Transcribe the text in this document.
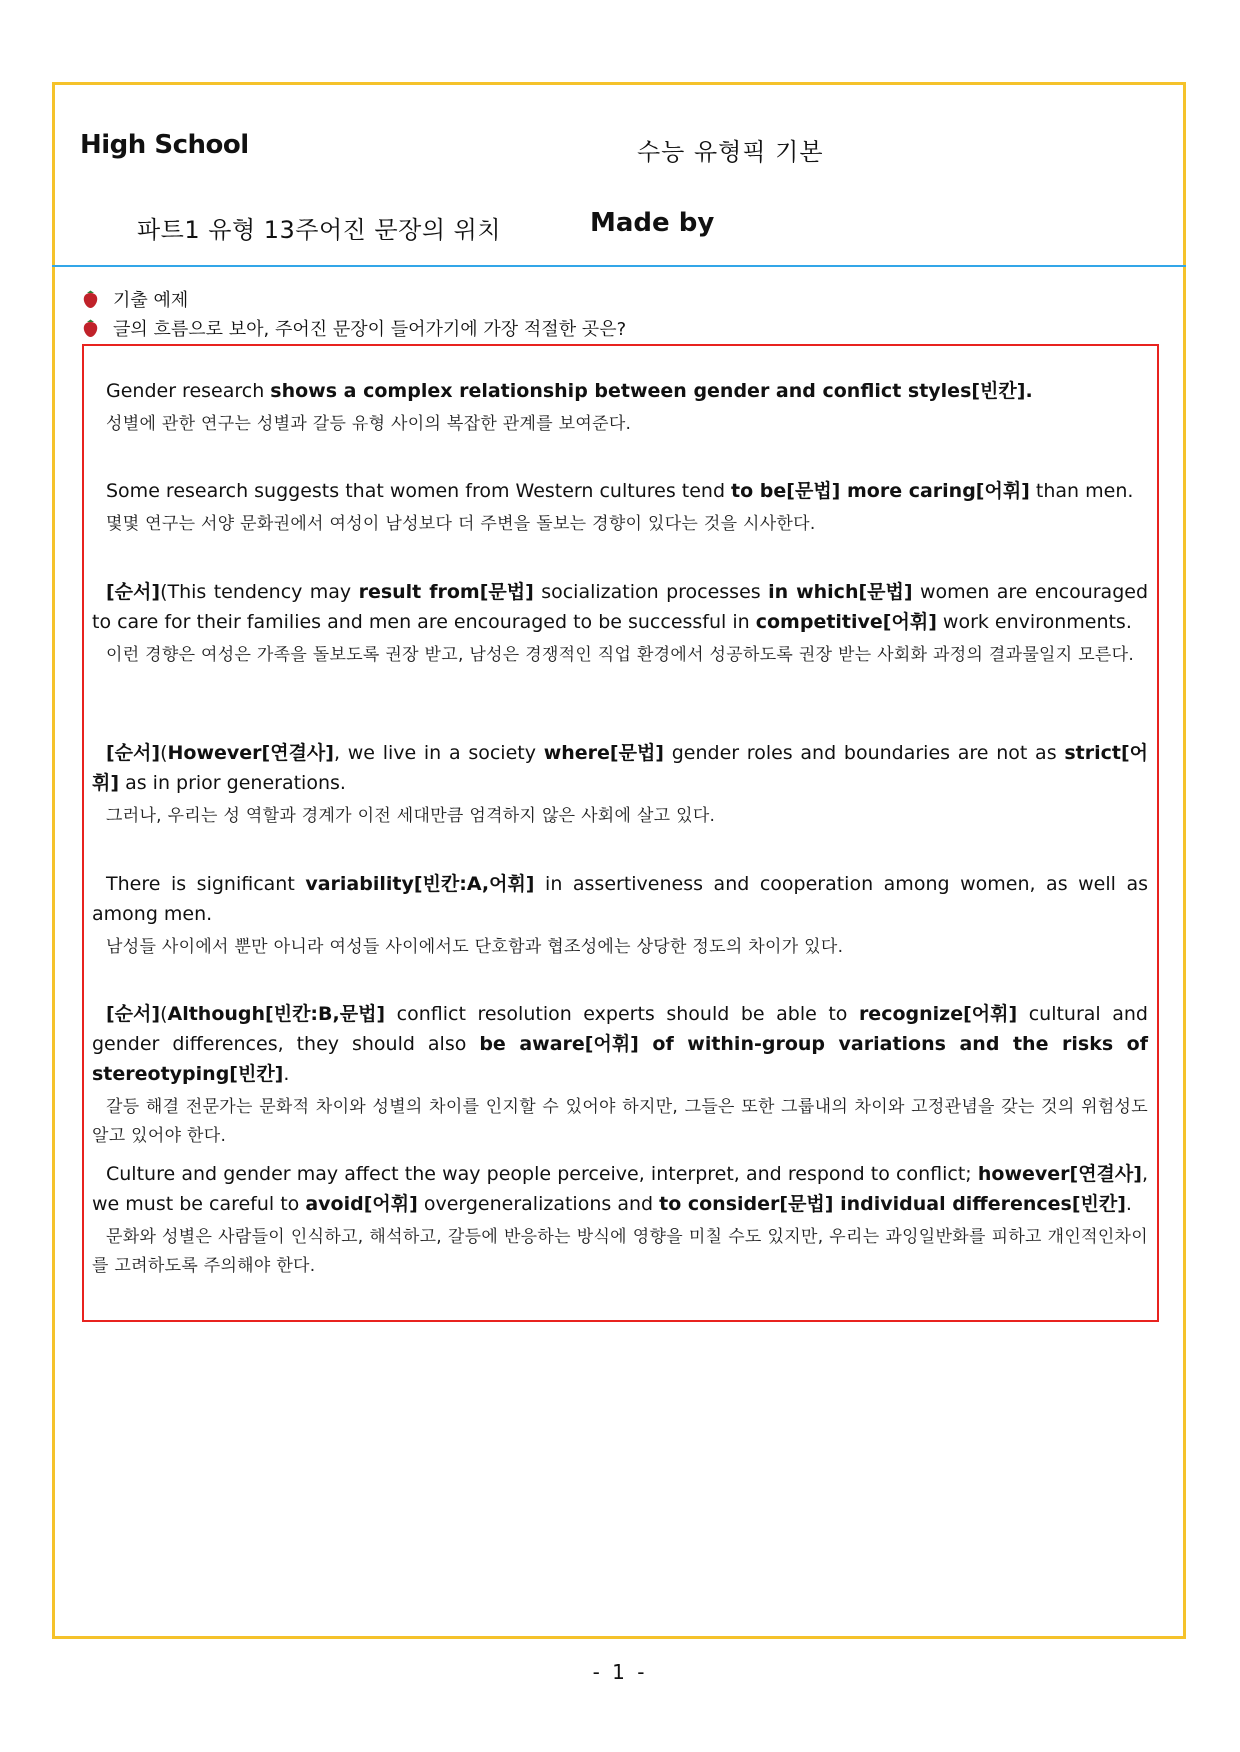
High School	수능 유형픽 기본
파트1 유형 13주어진 문장의 위치	Made by
기출 예제
글의 흐름으로 보아, 주어진 문장이 들어가기에 가장 적절한 곳은?

Gender research shows a complex relationship between gender and conflict styles[빈칸].

성별에 관한 연구는 성별과 갈등 유형 사이의 복잡한 관계를 보여준다.

Some research suggests that women from Western cultures tend to be[문법] more caring[어휘] than men.

몇몇 연구는 서양 문화권에서 여성이 남성보다 더 주변을 돌보는 경향이 있다는 것을 시사한다.

[순서](This tendency may result from[문법] socialization processes in which[문법] women are encouraged to care for their families and men are encouraged to be successful in competitive[어휘] work environments.

이런 경향은 여성은 가족을 돌보도록 권장 받고, 남성은 경쟁적인 직업 환경에서 성공하도록 권장 받는 사회화 과정의 결과물일지 모른다.

[순서](However[연결사], we live in a society where[문법] gender roles and boundaries are not as strict[어휘] as in prior generations.

그러나, 우리는 성 역할과 경계가 이전 세대만큼 엄격하지 않은 사회에 살고 있다.

There is significant variability[빈칸:A,어휘] in assertiveness and cooperation among women, as well as among men.

남성들 사이에서 뿐만 아니라 여성들 사이에서도 단호함과 협조성에는 상당한 정도의 차이가 있다.

[순서](Although[빈칸:B,문법] conflict resolution experts should be able to recognize[어휘] cultural and gender differences, they should also be aware[어휘] of within-group variations and the risks of stereotyping[빈칸].

갈등 해결 전문가는 문화적 차이와 성별의 차이를 인지할 수 있어야 하지만, 그들은 또한 그룹내의 차이와 고정관념을 갖는 것의 위험성도 알고 있어야 한다.

Culture and gender may affect the way people perceive, interpret, and respond to conflict; however[연결사], we must be careful to avoid[어휘] overgeneralizations and to consider[문법] individual differences[빈칸].

문화와 성별은 사람들이 인식하고, 해석하고, 갈등에 반응하는 방식에 영향을 미칠 수도 있지만, 우리는 과잉일반화를 피하고 개인적인차이를 고려하도록 주의해야 한다.

- 1 -
